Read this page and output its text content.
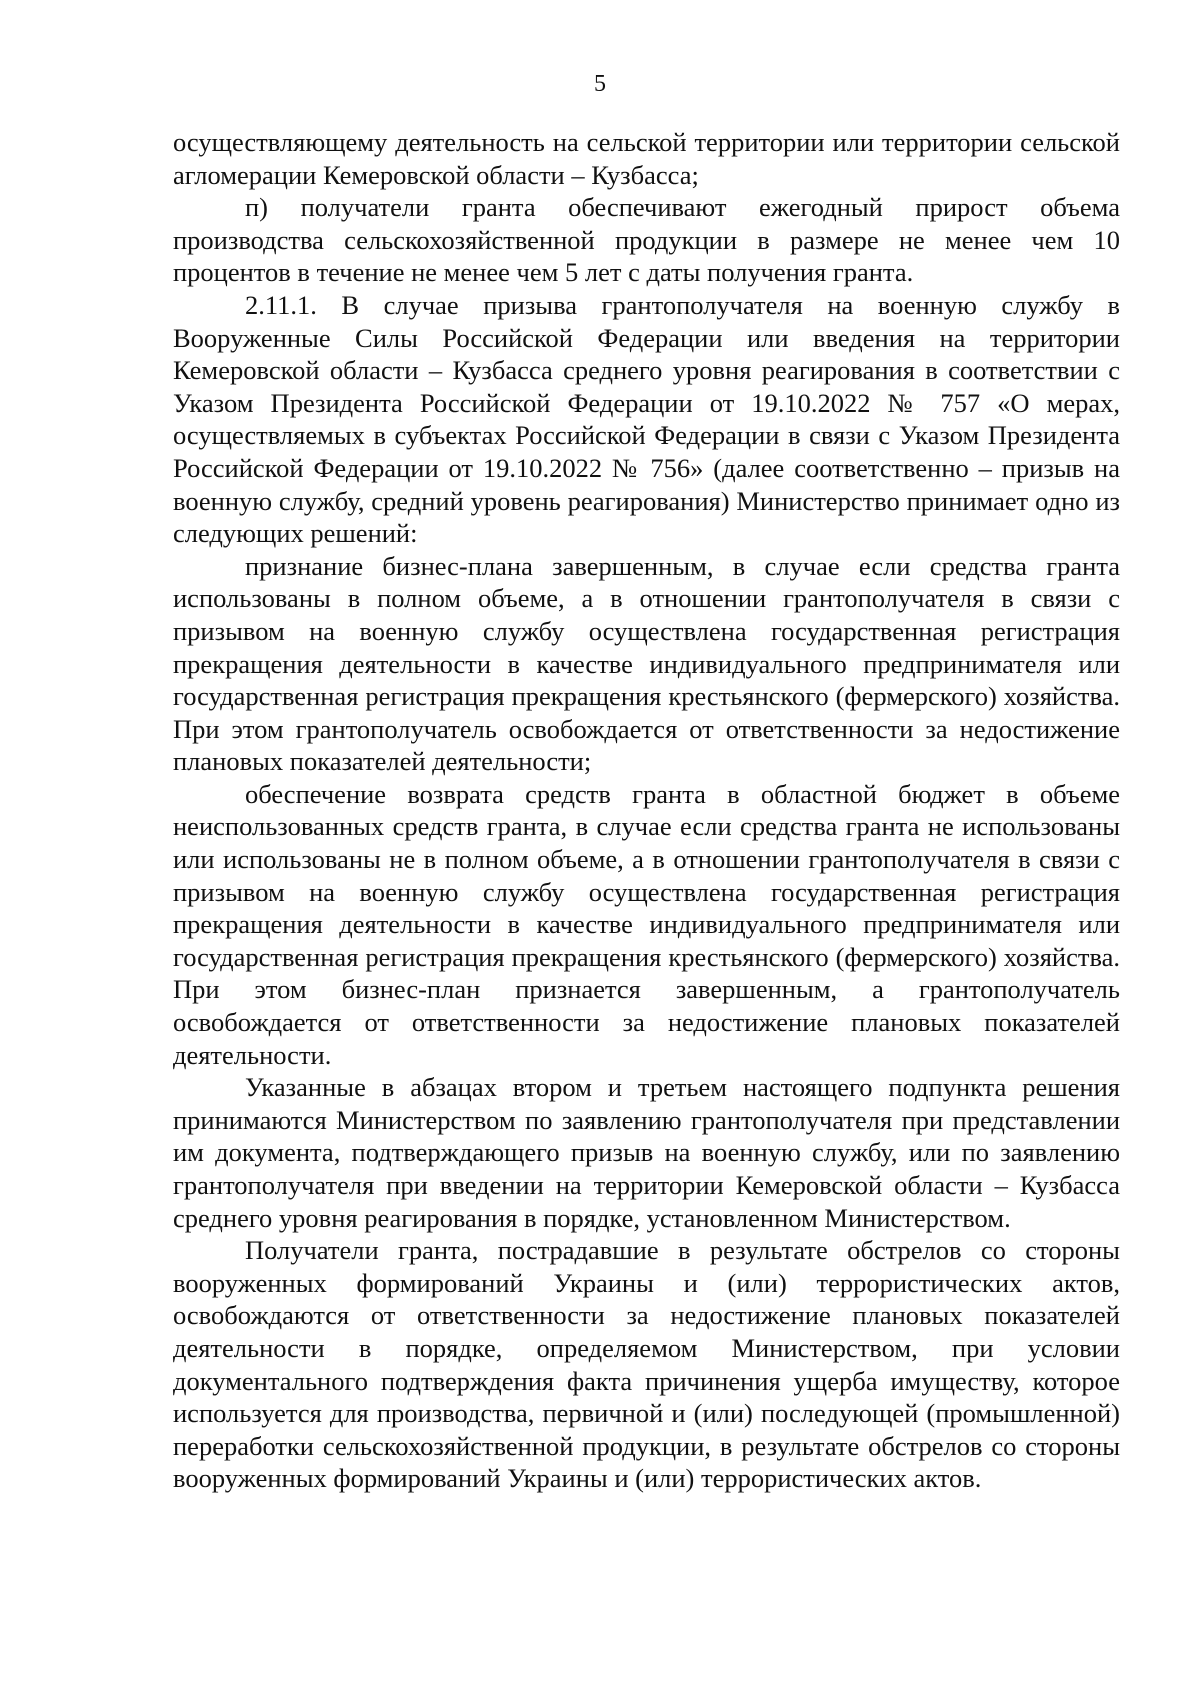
5

осуществляющему деятельность на сельской территории или территории сельской агломерации Кемеровской области – Кузбасса;

п) получатели гранта обеспечивают ежегодный прирост объема производства сельскохозяйственной продукции в размере не менее чем 10 процентов в течение не менее чем 5 лет с даты получения гранта.

2.11.1. В случае призыва грантополучателя на военную службу в Вооруженные Силы Российской Федерации или введения на территории Кемеровской области – Кузбасса среднего уровня реагирования в соответствии с Указом Президента Российской Федерации от 19.10.2022 № 757 «О мерах, осуществляемых в субъектах Российской Федерации в связи с Указом Президента Российской Федерации от 19.10.2022 № 756» (далее соответственно – призыв на военную службу, средний уровень реагирования) Министерство принимает одно из следующих решений:

признание бизнес-плана завершенным, в случае если средства гранта использованы в полном объеме, а в отношении грантополучателя в связи с призывом на военную службу осуществлена государственная регистрация прекращения деятельности в качестве индивидуального предпринимателя или государственная регистрация прекращения крестьянского (фермерского) хозяйства. При этом грантополучатель освобождается от ответственности за недостижение плановых показателей деятельности;

обеспечение возврата средств гранта в областной бюджет в объеме неиспользованных средств гранта, в случае если средства гранта не использованы или использованы не в полном объеме, а в отношении грантополучателя в связи с призывом на военную службу осуществлена государственная регистрация прекращения деятельности в качестве индивидуального предпринимателя или государственная регистрация прекращения крестьянского (фермерского) хозяйства. При этом бизнес-план признается завершенным, а грантополучатель освобождается от ответственности за недостижение плановых показателей деятельности.

Указанные в абзацах втором и третьем настоящего подпункта решения принимаются Министерством по заявлению грантополучателя при представлении им документа, подтверждающего призыв на военную службу, или по заявлению грантополучателя при введении на территории Кемеровской области – Кузбасса среднего уровня реагирования в порядке, установленном Министерством.

Получатели гранта, пострадавшие в результате обстрелов со стороны вооруженных формирований Украины и (или) террористических актов, освобождаются от ответственности за недостижение плановых показателей деятельности в порядке, определяемом Министерством, при условии документального подтверждения факта причинения ущерба имуществу, которое используется для производства, первичной и (или) последующей (промышленной) переработки сельскохозяйственной продукции, в результате обстрелов со стороны вооруженных формирований Украины и (или) террористических актов.
